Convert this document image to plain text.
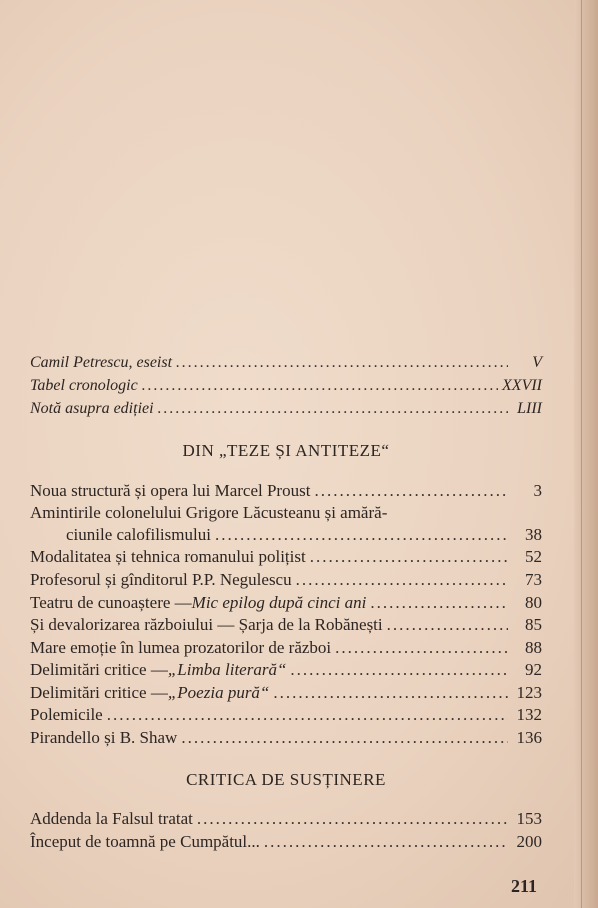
Camil Petrescu, eseist .....	V
Tabel cronologic .....	XXVII
Notă asupra ediției .....	LIII
DIN „TEZE ȘI ANTITEZE“
Noua structură și opera lui Marcel Proust .....	3
Amintirile colonelului Grigore Lăcusteanu și amără-
ciunile calofilismului .....	38
Modalitatea și tehnica romanului polițist .....	52
Profesorul și gînditorul P.P. Negulescu .....	73
Teatru de cunoaștere — Mic epilog după cinci ani .....	80
Și devalorizarea războiului — Șarja de la Robănești .....	85
Mare emoție în lumea prozatorilor de război .....	88
Delimitări critice — „Limba literară“ .....	92
Delimitări critice — „Poezia pură“ .....	123
Polemicile .....	132
Pirandello și B. Shaw .....	136
CRITICA DE SUSȚINERE
Addenda la Falsul tratat .....	153
Început de toamnă pe Cumpătul... .....	200
211
